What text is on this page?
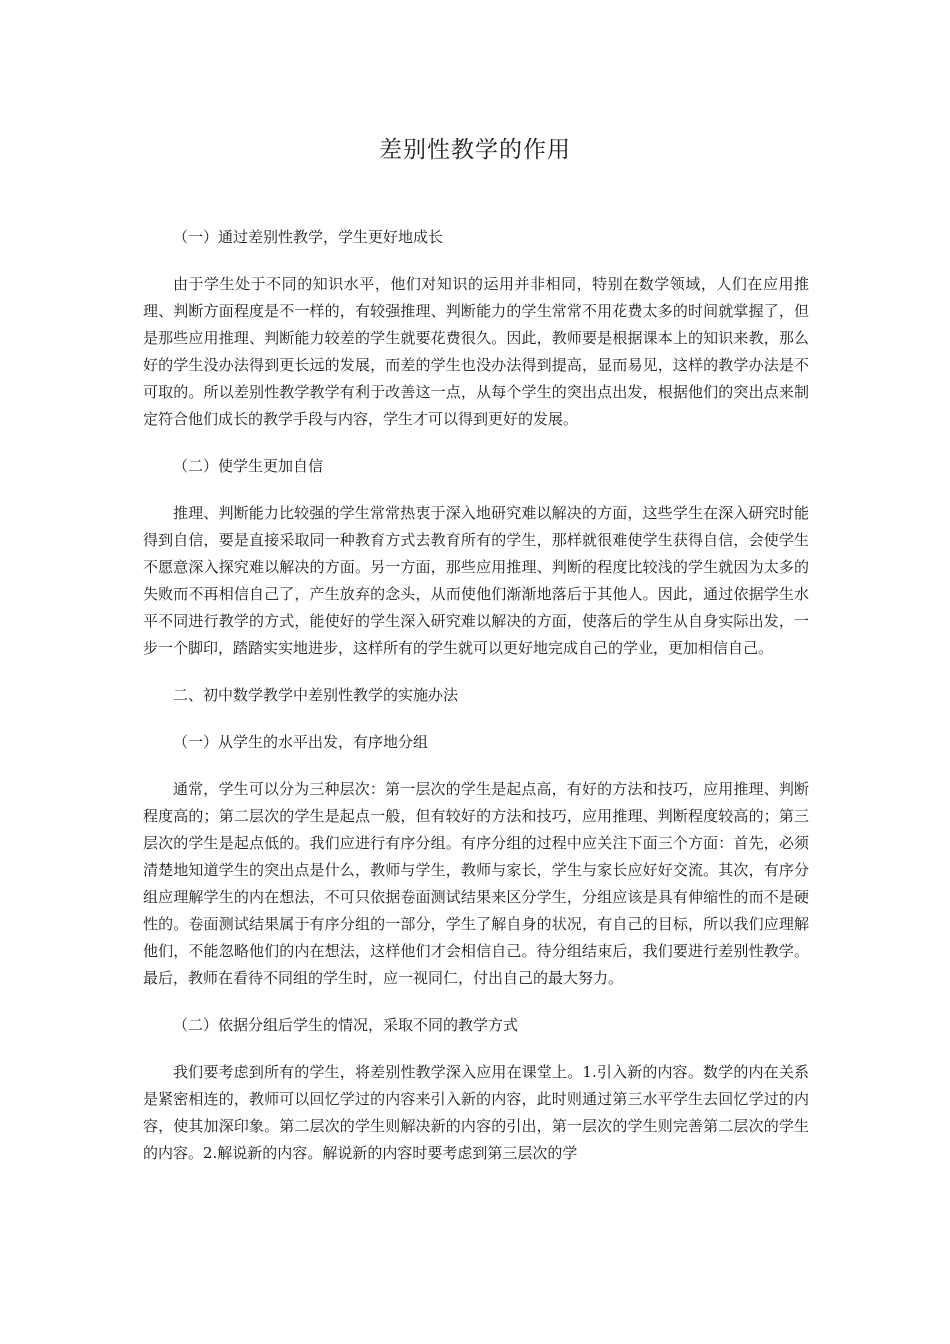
差别性教学的作用

（一）通过差别性教学，学生更好地成长

由于学生处于不同的知识水平，他们对知识的运用并非相同，特别在数学领域，人们在应用推理、判断方面程度是不一样的，有较强推理、判断能力的学生常常不用花费太多的时间就掌握了，但是那些应用推理、判断能力较差的学生就要花费很久。因此，教师要是根据课本上的知识来教，那么好的学生没办法得到更长远的发展，而差的学生也没办法得到提高，显而易见，这样的教学办法是不可取的。所以差别性教学教学有利于改善这一点，从每个学生的突出点出发，根据他们的突出点来制定符合他们成长的教学手段与内容，学生才可以得到更好的发展。

（二）使学生更加自信

推理、判断能力比较强的学生常常热衷于深入地研究难以解决的方面，这些学生在深入研究时能得到自信，要是直接采取同一种教育方式去教育所有的学生，那样就很难使学生获得自信，会使学生不愿意深入探究难以解决的方面。另一方面，那些应用推理、判断的程度比较浅的学生就因为太多的失败而不再相信自己了，产生放弃的念头，从而使他们渐渐地落后于其他人。因此，通过依据学生水平不同进行教学的方式，能使好的学生深入研究难以解决的方面，使落后的学生从自身实际出发，一步一个脚印，踏踏实实地进步，这样所有的学生就可以更好地完成自己的学业，更加相信自己。

二、初中数学教学中差别性教学的实施办法

（一）从学生的水平出发，有序地分组

通常，学生可以分为三种层次：第一层次的学生是起点高，有好的方法和技巧，应用推理、判断程度高的；第二层次的学生是起点一般，但有较好的方法和技巧，应用推理、判断程度较高的；第三层次的学生是起点低的。我们应进行有序分组。有序分组的过程中应关注下面三个方面：首先，必须清楚地知道学生的突出点是什么，教师与学生，教师与家长，学生与家长应好好交流。其次，有序分组应理解学生的内在想法，不可只依据卷面测试结果来区分学生，分组应该是具有伸缩性的而不是硬性的。卷面测试结果属于有序分组的一部分，学生了解自身的状况，有自己的目标，所以我们应理解他们，不能忽略他们的内在想法，这样他们才会相信自己。待分组结束后，我们要进行差别性教学。最后，教师在看待不同组的学生时，应一视同仁，付出自己的最大努力。

（二）依据分组后学生的情况，采取不同的教学方式

我们要考虑到所有的学生，将差别性教学深入应用在课堂上。1.引入新的内容。数学的内在关系是紧密相连的，教师可以回忆学过的内容来引入新的内容，此时则通过第三水平学生去回忆学过的内容，使其加深印象。第二层次的学生则解决新的内容的引出，第一层次的学生则完善第二层次的学生的内容。2.解说新的内容。解说新的内容时要考虑到第三层次的学
